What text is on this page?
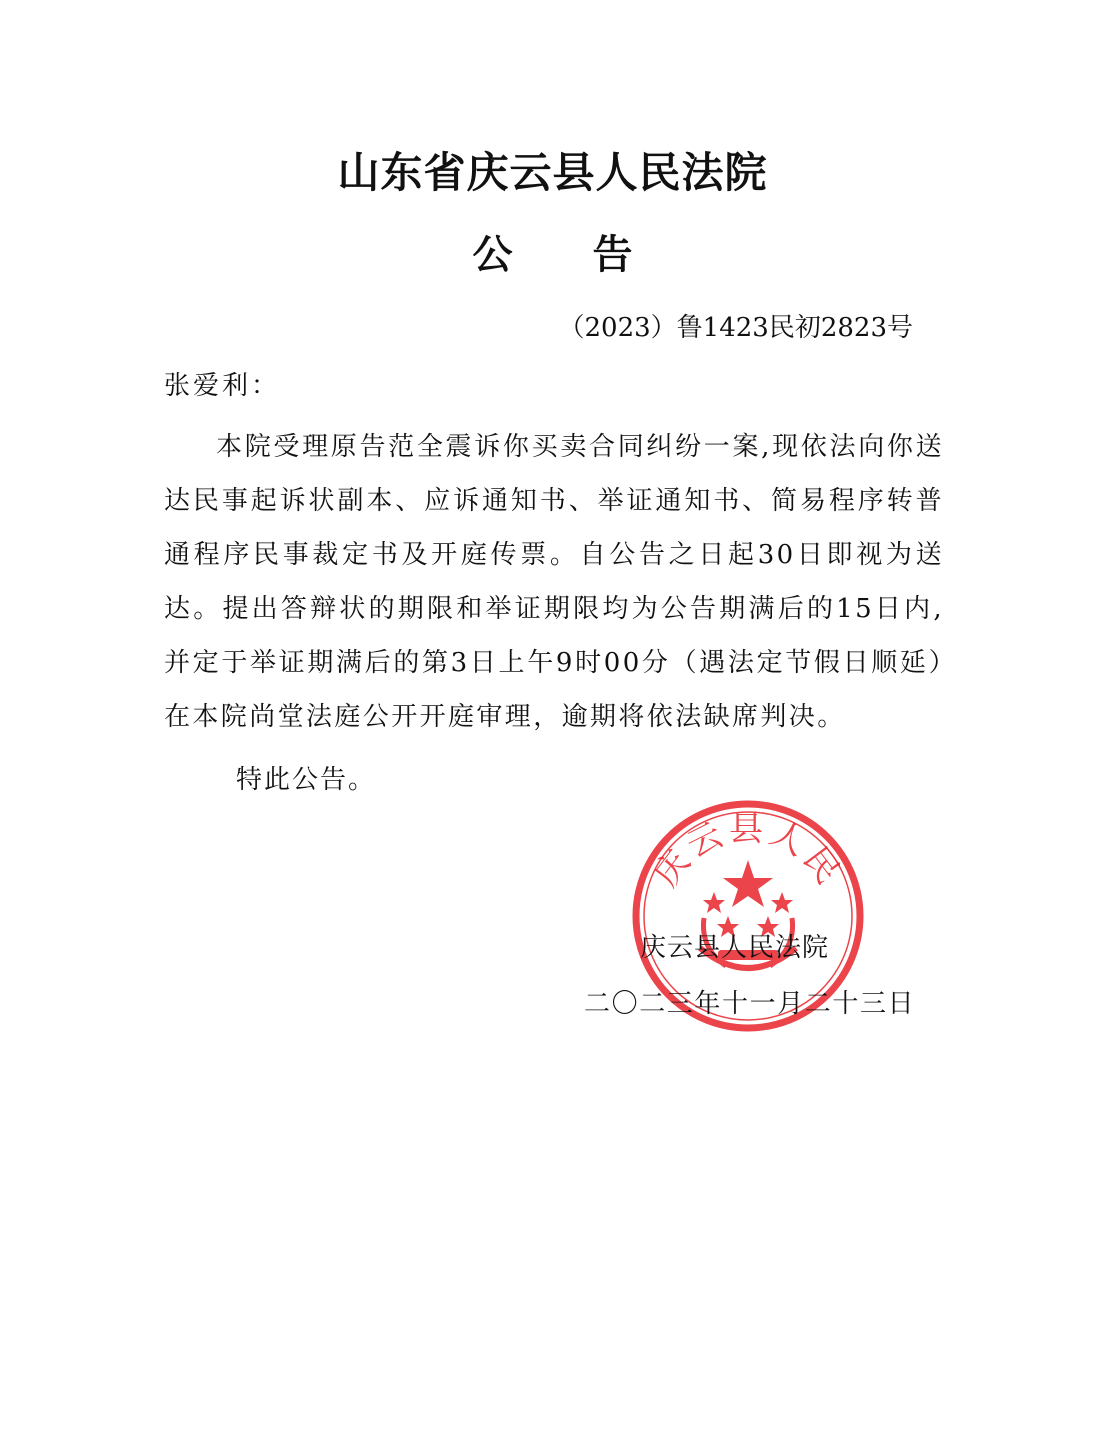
山东省庆云县人民法院
公 告
（2023）鲁1423民初2823号
张爱利：
本院受理原告范全震诉你买卖合同纠纷一案,现依法向你送达民事起诉状副本、应诉通知书、举证通知书、简易程序转普通程序民事裁定书及开庭传票。自公告之日起30日即视为送达。提出答辩状的期限和举证期限均为公告期满后的15日内,并定于举证期满后的第3日上午9时00分（遇法定节假日顺延）在本院尚堂法庭公开开庭审理，逾期将依法缺席判决。
特此公告。
庆云县人民
庆云县人民法院
二〇二三年十一月二十三日
